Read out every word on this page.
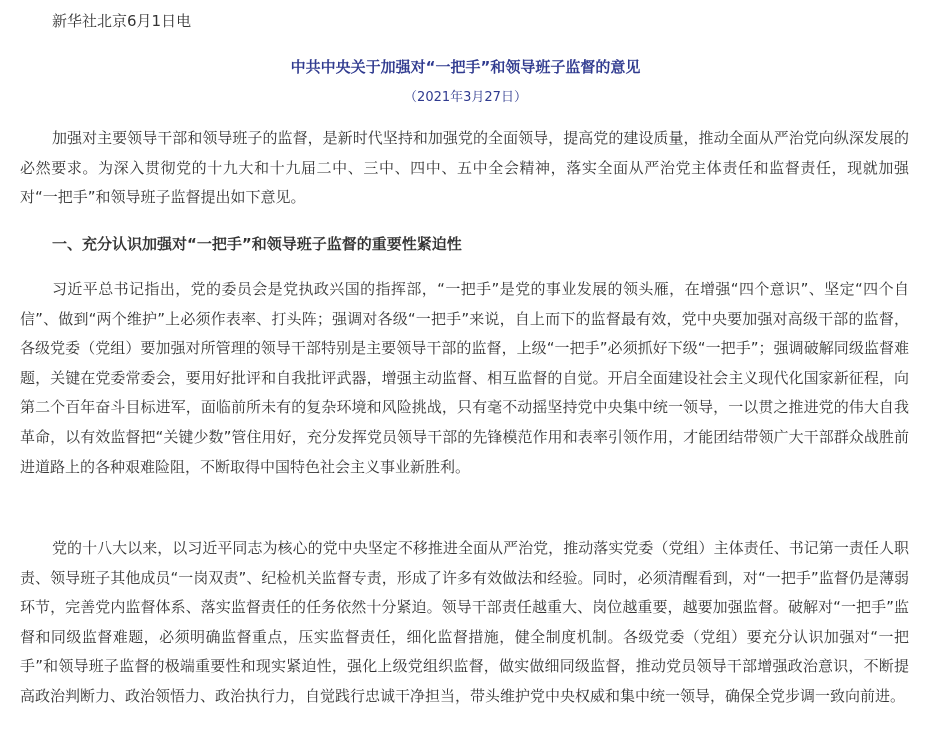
新华社北京6月1日电
中共中央关于加强对“一把手”和领导班子监督的意见
（2021年3月27日）

加强对主要领导干部和领导班子的监督，是新时代坚持和加强党的全面领导，提高党的建设质量，推动全面从严治党向纵深发展的必然要求。为深入贯彻党的十九大和十九届二中、三中、四中、五中全会精神，落实全面从严治党主体责任和监督责任，现就加强对“一把手”和领导班子监督提出如下意见。

一、充分认识加强对“一把手”和领导班子监督的重要性紧迫性

习近平总书记指出，党的委员会是党执政兴国的指挥部，“一把手”是党的事业发展的领头雁，在增强“四个意识”、坚定“四个自信”、做到“两个维护”上必须作表率、打头阵；强调对各级“一把手”来说，自上而下的监督最有效，党中央要加强对高级干部的监督，各级党委（党组）要加强对所管理的领导干部特别是主要领导干部的监督，上级“一把手”必须抓好下级“一把手”；强调破解同级监督难题，关键在党委常委会，要用好批评和自我批评武器，增强主动监督、相互监督的自觉。开启全面建设社会主义现代化国家新征程，向第二个百年奋斗目标进军，面临前所未有的复杂环境和风险挑战，只有毫不动摇坚持党中央集中统一领导，一以贯之推进党的伟大自我革命，以有效监督把“关键少数”管住用好，充分发挥党员领导干部的先锋模范作用和表率引领作用，才能团结带领广大干部群众战胜前进道路上的各种艰难险阻，不断取得中国特色社会主义事业新胜利。

党的十八大以来，以习近平同志为核心的党中央坚定不移推进全面从严治党，推动落实党委（党组）主体责任、书记第一责任人职责、领导班子其他成员“一岗双责”、纪检机关监督专责，形成了许多有效做法和经验。同时，必须清醒看到，对“一把手”监督仍是薄弱环节，完善党内监督体系、落实监督责任的任务依然十分紧迫。领导干部责任越重大、岗位越重要，越要加强监督。破解对“一把手”监督和同级监督难题，必须明确监督重点，压实监督责任，细化监督措施，健全制度机制。各级党委（党组）要充分认识加强对“一把手”和领导班子监督的极端重要性和现实紧迫性，强化上级党组织监督，做实做细同级监督，推动党员领导干部增强政治意识，不断提高政治判断力、政治领悟力、政治执行力，自觉践行忠诚干净担当，带头维护党中央权威和集中统一领导，确保全党步调一致向前进。
